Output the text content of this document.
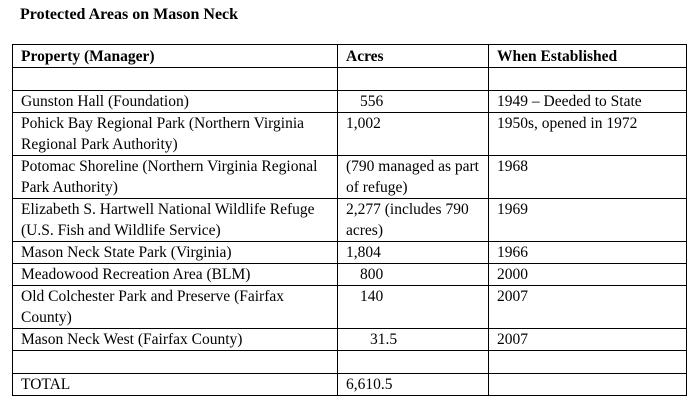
Protected Areas on Mason Neck
Property (Manager)	Acres	When Established

Gunston Hall (Foundation)	556	1949 – Deeded to State
Pohick Bay Regional Park (Northern Virginia Regional Park Authority)	1,002	1950s, opened in 1972
Potomac Shoreline (Northern Virginia Regional Park Authority)	(790 managed as part of refuge)	1968
Elizabeth S. Hartwell National Wildlife Refuge (U.S. Fish and Wildlife Service)	2,277 (includes 790 acres)	1969
Mason Neck State Park (Virginia)	1,804	1966
Meadowood Recreation Area (BLM)	800	2000
Old Colchester Park and Preserve (Fairfax County)	140	2007
Mason Neck West (Fairfax County)	31.5	2007

TOTAL	6,610.5	
